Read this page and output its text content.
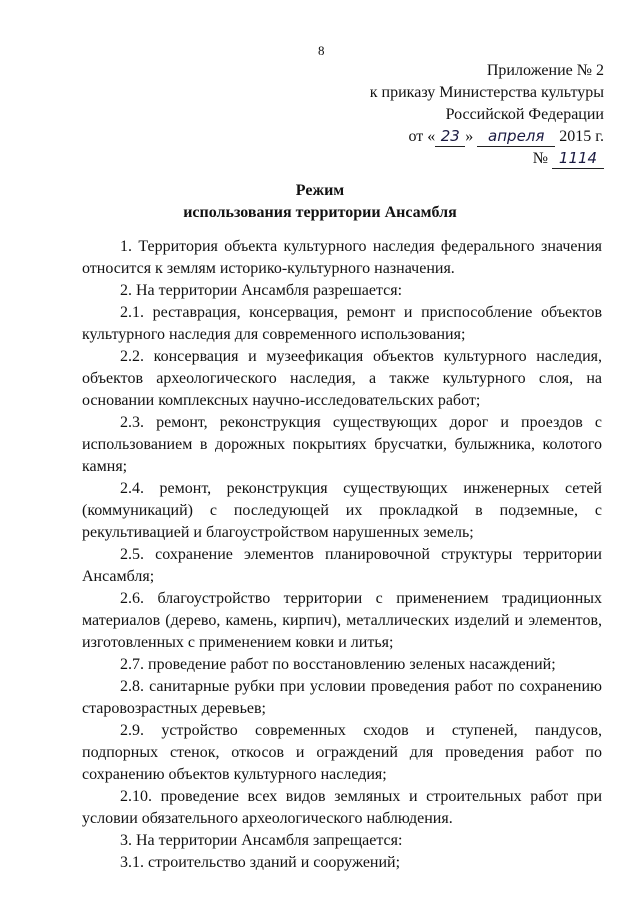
8
Приложение № 2
к приказу Министерства культуры
Российской Федерации
от « 23 » апреля 2015 г.
№ 1114
Режим
использования территории Ансамбля

1. Территория объекта культурного наследия федерального значения относится к землям историко-культурного назначения.

2. На территории Ансамбля разрешается:

2.1. реставрация, консервация, ремонт и приспособление объектов культурного наследия для современного использования;

2.2. консервация и музеефикация объектов культурного наследия, объектов археологического наследия, а также культурного слоя, на основании комплексных научно-исследовательских работ;

2.3. ремонт, реконструкция существующих дорог и проездов с использованием в дорожных покрытиях брусчатки, булыжника, колотого камня;

2.4. ремонт, реконструкция существующих инженерных сетей (коммуникаций) с последующей их прокладкой в подземные, с рекультивацией и благоустройством нарушенных земель;

2.5. сохранение элементов планировочной структуры территории Ансамбля;

2.6. благоустройство территории с применением традиционных материалов (дерево, камень, кирпич), металлических изделий и элементов, изготовленных с применением ковки и литья;

2.7. проведение работ по восстановлению зеленых насаждений;

2.8. санитарные рубки при условии проведения работ по сохранению старовозрастных деревьев;

2.9. устройство современных сходов и ступеней, пандусов, подпорных стенок, откосов и ограждений для проведения работ по сохранению объектов культурного наследия;

2.10. проведение всех видов земляных и строительных работ при условии обязательного археологического наблюдения.

3. На территории Ансамбля запрещается:

3.1. строительство зданий и сооружений;
